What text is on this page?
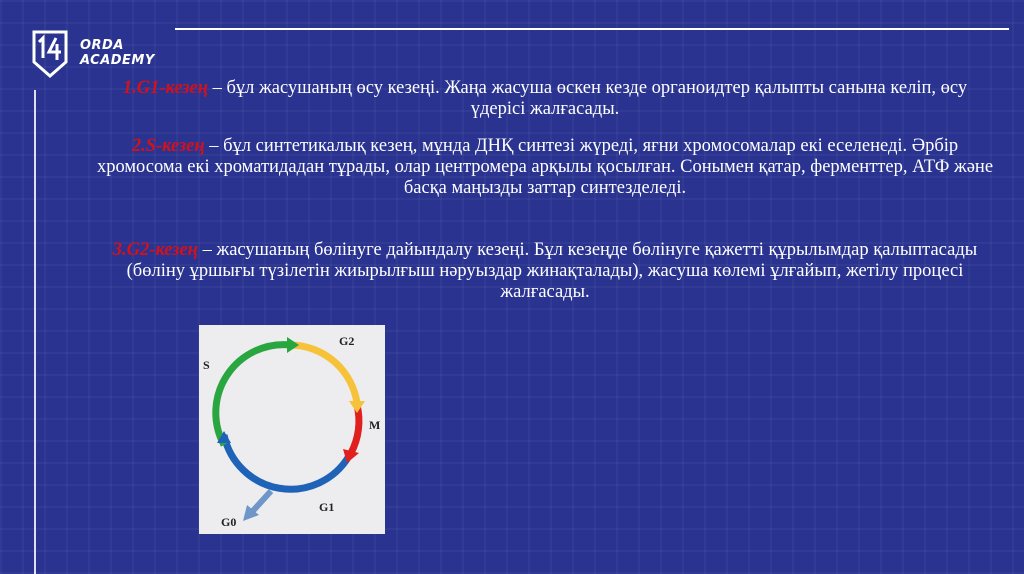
ORDA
ACADEMY

1.G1-кезең – бұл жасушаның өсу кезеңі. Жаңа жасуша өскен кезде органоидтер қалыпты санына келіп, өсу үдерісі жалғасады.

2.S-кезең – бұл синтетикалық кезең, мұнда ДНҚ синтезі жүреді, яғни хромосомалар екі еселенеді. Әрбір хромосома екі хроматидадан тұрады, олар центромера арқылы қосылған. Сонымен қатар, ферменттер, АТФ және басқа маңызды заттар синтезделеді.

3.G2-кезең – жасушаның бөлінуге дайындалу кезеңі. Бұл кезеңде бөлінуге қажетті құрылымдар қалыптасады (бөліну ұршығы түзілетін жиырылғыш нәруыздар жинақталады), жасуша көлемі ұлғайып, жетілу процесі жалғасады.

S
G2
M
G1
G0
